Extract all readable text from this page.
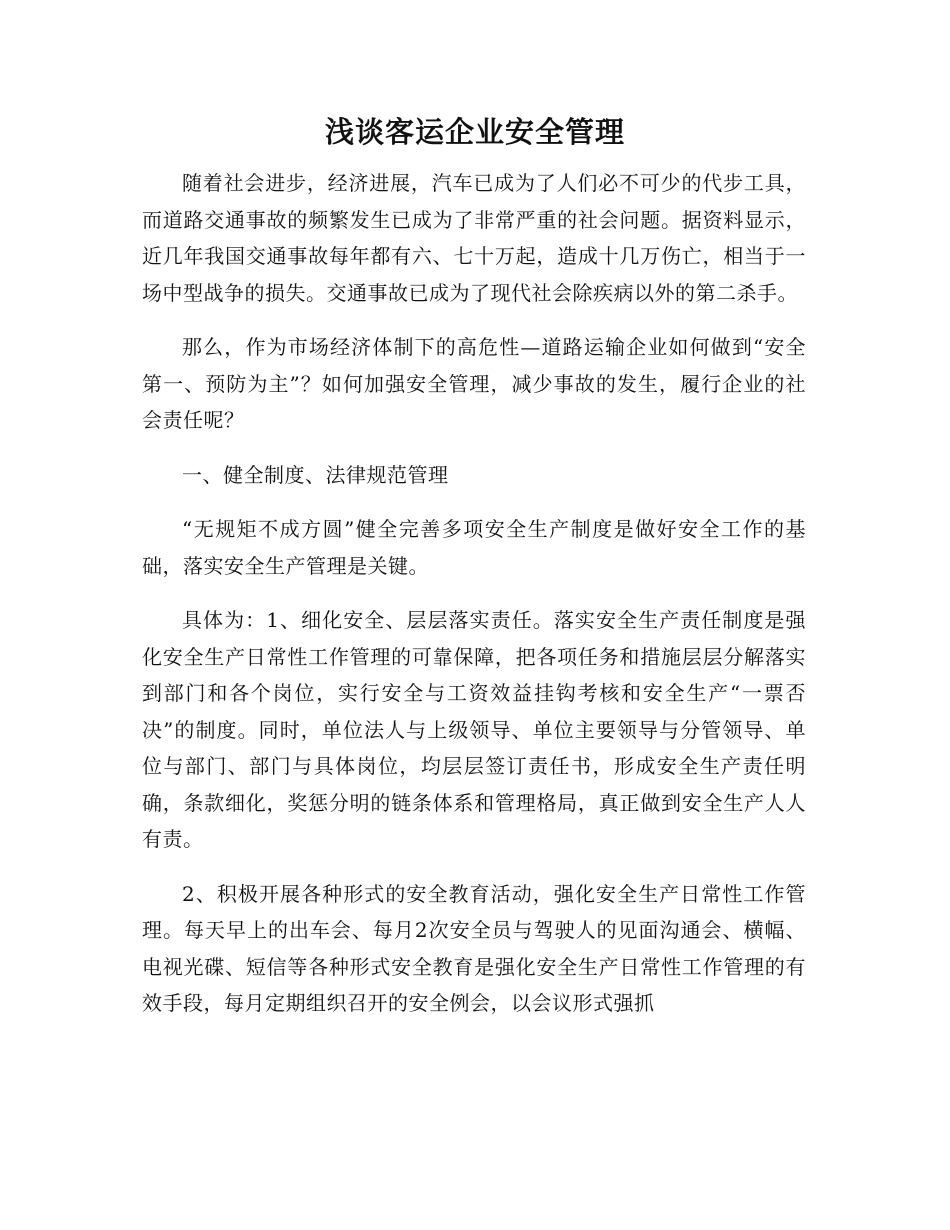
浅谈客运企业安全管理

随着社会进步，经济进展，汽车已成为了人们必不可少的代步工具，而道路交通事故的频繁发生已成为了非常严重的社会问题。据资料显示，近几年我国交通事故每年都有六、七十万起，造成十几万伤亡，相当于一场中型战争的损失。交通事故已成为了现代社会除疾病以外的第二杀手。

那么，作为市场经济体制下的高危性—道路运输企业如何做到“安全第一、预防为主”？如何加强安全管理，减少事故的发生，履行企业的社会责任呢？

一、健全制度、法律规范管理

“无规矩不成方圆”健全完善多项安全生产制度是做好安全工作的基础，落实安全生产管理是关键。

具体为：1、细化安全、层层落实责任。落实安全生产责任制度是强化安全生产日常性工作管理的可靠保障，把各项任务和措施层层分解落实到部门和各个岗位，实行安全与工资效益挂钩考核和安全生产“一票否决”的制度。同时，单位法人与上级领导、单位主要领导与分管领导、单位与部门、部门与具体岗位，均层层签订责任书，形成安全生产责任明确，条款细化，奖惩分明的链条体系和管理格局，真正做到安全生产人人有责。

2、积极开展各种形式的安全教育活动，强化安全生产日常性工作管理。每天早上的出车会、每月2次安全员与驾驶人的见面沟通会、横幅、电视光碟、短信等各种形式安全教育是强化安全生产日常性工作管理的有效手段，每月定期组织召开的安全例会，以会议形式强抓
